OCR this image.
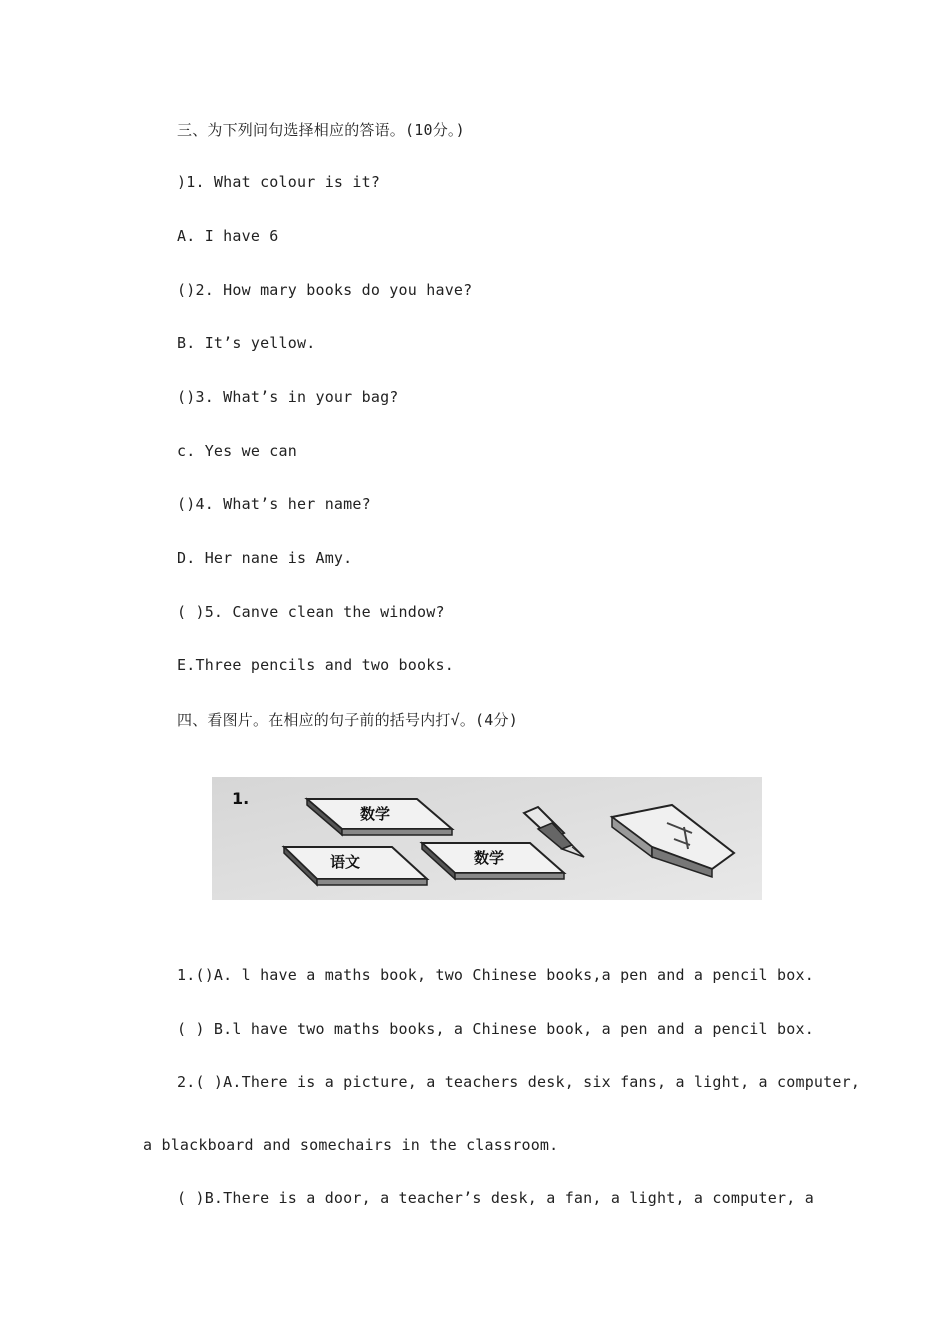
三、为下列问句选择相应的答语。(10分。)
)1. What colour is it?
A. I have 6
()2. How mary books do you have?
B. It’s yellow.
()3. What’s in your bag?
c. Yes we can
()4. What’s her name?
D. Her nane is Amy.
( )5. Canve clean the window?
E.Three pencils and two books.
四、看图片。在相应的句子前的括号内打√。(4分)
1.
数学
语文	数学
1.()A. l have a maths book, two Chinese books,a pen and a pencil box.
( ) B.l have two maths books, a Chinese book, a pen and a pencil box.
2.( )A.There is a picture, a teachers desk, six fans, a light, a computer,
a blackboard and somechairs in the classroom.
( )B.There is a door, a teacher’s desk, a fan, a light, a computer, a
